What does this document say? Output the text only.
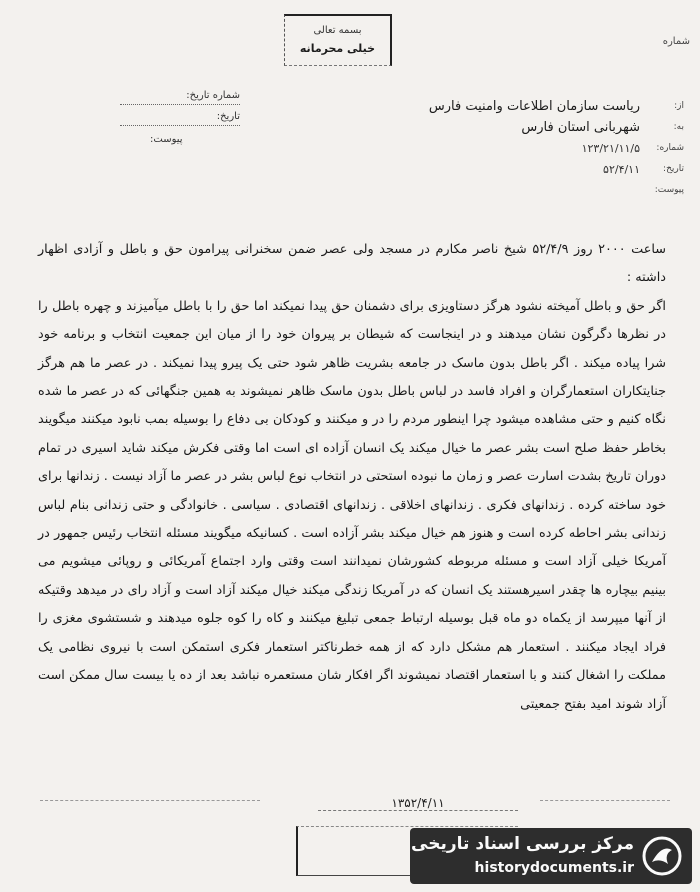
بسمه تعالی
خیلی محرمانه
شماره
شماره تاریخ:
تاریخ:
پیوست:
از:
ریاست سازمان اطلاعات وامنیت فارس
به:
شهربانی استان فارس
شماره:
۱۲۳/۲۱/۱۱/۵
تاریخ:
۵۲/۴/۱۱
پیوست:

ساعت ۲۰۰۰ روز ۵۲/۴/۹ شیخ ناصر مکارم در مسجد ولی عصر ضمن سخنرانی پیرامون حق و باطل و آزادی اظهار داشته :

اگر حق و باطل آمیخته نشود هرگز دستاویزی برای دشمنان حق پیدا نمیکند اما حق را با باطل میآمیزند و چهره باطل را در نظرها دگرگون نشان میدهند و در اینجاست که شیطان بر پیروان خود را از میان این جمعیت انتخاب و برنامه خود شرا پیاده میکند . اگر باطل بدون ماسک در جامعه بشریت ظاهر شود حتی یک پیرو پیدا نمیکند . در عصر ما هم هرگز جنایتکاران استعمارگران و افراد فاسد در لباس باطل بدون ماسک ظاهر نمیشوند به همین جنگهائی که در عصر ما شده نگاه کنیم و حتی مشاهده میشود چرا اینطور مردم را در و میکنند و کودکان بی دفاع را بوسیله بمب نابود میکنند میگویند بخاطر حفظ صلح است بشر عصر ما خیال میکند یک انسان آزاده ای است اما وقتی فکرش میکند شاید اسیری در تمام دوران تاریخ بشدت اسارت عصر و زمان ما نبوده استحتی در انتخاب نوع لباس بشر در عصر ما آزاد نیست . زندانها برای خود ساخته کرده . زندانهای فکری . زندانهای اخلاقی . زندانهای اقتصادی . سیاسی . خانوادگی و حتی زندانی بنام لباس زندانی بشر احاطه کرده است و هنوز هم خیال میکند بشر آزاده است . کسانیکه میگویند مسئله انتخاب رئیس جمهور در آمریکا خیلی آزاد است و مسئله مربوطه کشورشان نمیدانند است وقتی وارد اجتماع آمریکائی و روپائی میشویم می بینیم بیچاره ها چقدر اسیرهستند یک انسان که در آمریکا زندگی میکند خیال میکند آزاد است و آزاد رای در میدهد وقتیکه از آنها میپرسد از یکماه دو ماه قبل بوسیله ارتباط جمعی تبلیغ میکنند و کاه را کوه جلوه میدهند و شستشوی مغزی را فراد ایجاد میکنند . استعمار هم مشکل دارد که از همه خطرناکتر استعمار فکری استمکن است با نیروی نظامی یک مملکت را اشغال کنند و با استعمار اقتصاد نمیشوند اگر افکار شان مستعمره نباشد بعد از ده یا بیست سال ممکن است آزاد شوند امید بفتح جمعیتی

۱۳۵۲/۴/۱۱
مرکز بررسی اسناد تاریخی
historydocuments.ir
